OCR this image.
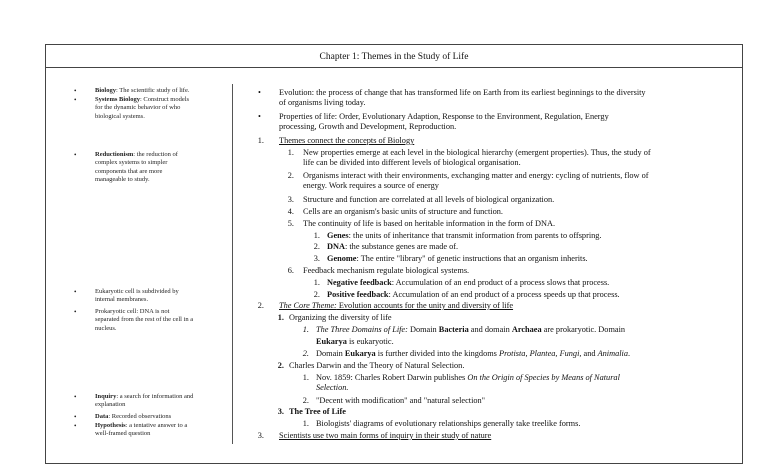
Chapter 1: Themes in the Study of Life
•	Biology: The scientific study of life.
•	Systems Biology: Construct models
for the dynamic behavior of who
biological systems.
•	Reductionism: the reduction of
complex systems to simpler
components that are more
manageable to study.
•	Eukaryotic cell is subdivided by
internal membranes.
•	Prokaryotic cell: DNA is not
separated from the rest of the cell in a
nucleus.
•	Inquiry: a search for information and
explanation
•	Data: Recorded observations
•	Hypothesis: a tentative answer to a
well-framed question
• Evolution: the process of change that has transformed life on Earth from its earliest beginnings to the diversity
of organisms living today.
• Properties of life: Order, Evolutionary Adaption, Response to the Environment, Regulation, Energy
processing, Growth and Development, Reproduction.
1. Themes connect the concepts of Biology
1. New properties emerge at each level in the biological hierarchy (emergent properties). Thus, the study of
life can be divided into different levels of biological organisation.
2. Organisms interact with their environments, exchanging matter and energy: cycling of nutrients, flow of
energy. Work requires a source of energy
3. Structure and function are correlated at all levels of biological organization.
4. Cells are an organism's basic units of structure and function.
5. The continuity of life is based on heritable information in the form of DNA.
1. Genes: the units of inheritance that transmit information from parents to offspring.
2. DNA: the substance genes are made of.
3. Genome: The entire "library" of genetic instructions that an organism inherits.
6. Feedback mechanism regulate biological systems.
1. Negative feedback: Accumulation of an end product of a process slows that process.
2. Positive feedback: Accumulation of an end product of a process speeds up that process.
2. The Core Theme: Evolution accounts for the unity and diversity of life
1. Organizing the diversity of life
1. The Three Domains of Life: Domain Bacteria and domain Archaea are prokaryotic. Domain
Eukarya is eukaryotic.
2. Domain Eukarya is further divided into the kingdoms Protista, Plantea, Fungi, and Animalia.
2. Charles Darwin and the Theory of Natural Selection.
1. Nov. 1859: Charles Robert Darwin publishes On the Origin of Species by Means of Natural
Selection.
2. "Decent with modification" and "natural selection"
3. The Tree of Life
1. Biologists' diagrams of evolutionary relationships generally take treelike forms.
3. Scientists use two main forms of inquiry in their study of nature
